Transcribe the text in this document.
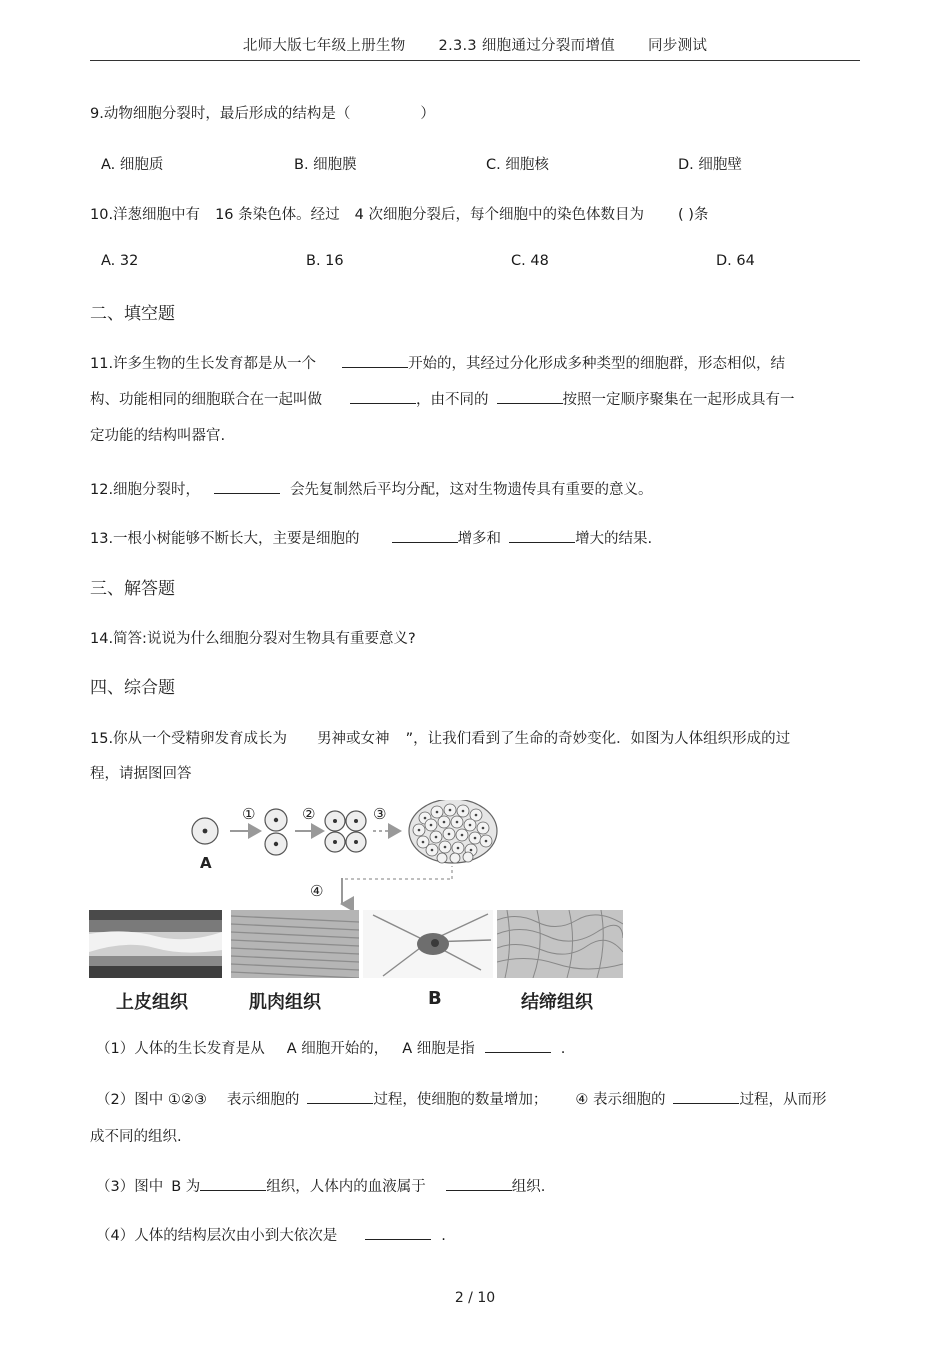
北师大版七年级上册生物 2.3.3 细胞通过分裂而增值 同步测试
9.动物细胞分裂时，最后形成的结构是（	）
A. 细胞质	B. 细胞膜	C. 细胞核	D. 细胞壁
10.洋葱细胞中有 16 条染色体。经过 4 次细胞分裂后，每个细胞中的染色体数目为 ( )条
A. 32	B. 16	C. 48	D. 64
二、填空题
11.许多生物的生长发育都是从一个	开始的，其经过分化形成多种类型的细胞群，形态相似，结
构、功能相同的细胞联合在一起叫做	，由不同的	按照一定顺序聚集在一起形成具有一
定功能的结构叫器官.
12.细胞分裂时，	会先复制然后平均分配，这对生物遗传具有重要的意义。
13.一根小树能够不断长大，主要是细胞的	增多和	增大的结果.
三、解答题
14.简答:说说为什么细胞分裂对生物具有重要意义?
四、综合题
15.你从一个受精卵发育成长为 男神或女神 ”，让我们看到了生命的奇妙变化．如图为人体组织形成的过
程，请据图回答
①	②	③
A
④
上皮组织	肌肉组织	B	结缔组织
（1）人体的生长发育是从 A 细胞开始的， A 细胞是指	.
（2）图中 ①②③ 表示细胞的	过程，使细胞的数量增加； ④ 表示细胞的	过程，从而形
成不同的组织.
（3）图中 B 为	组织，人体内的血液属于	组织.
（4）人体的结构层次由小到大依次是	.
2 / 10
